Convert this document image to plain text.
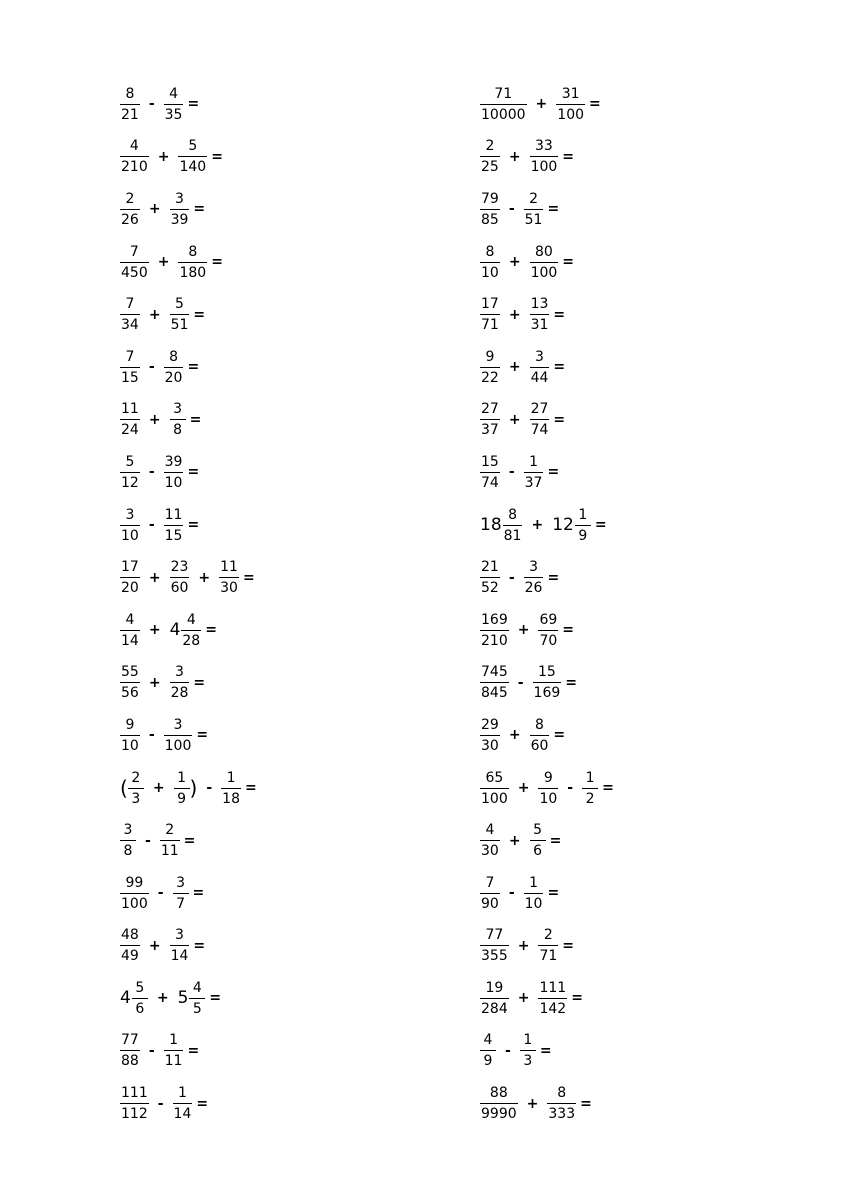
$\frac{8}{21} - \frac{4}{35}$ =
$\frac{4}{210} + \frac{5}{140}$ =
$\frac{2}{26} + \frac{3}{39}$ =
$\frac{7}{450} + \frac{8}{180}$ =
$\frac{7}{34} + \frac{5}{51}$ =
$\frac{7}{15} - \frac{8}{20}$ =
$\frac{11}{24} + \frac{3}{8}$ =
$\frac{5}{12} - \frac{39}{10}$ =
$\frac{3}{10} - \frac{11}{15}$ =
$\frac{17}{20} + \frac{23}{60} + \frac{11}{30}$ =
$\frac{4}{14} + 4 \frac{4}{28}$ =
$\frac{55}{56} + \frac{3}{28}$ =
$\frac{9}{10} - \frac{3}{100}$ =
( $\frac{2}{3} + \frac{1}{9}$ ) - $\frac{1}{18}$ =
$\frac{3}{8} - \frac{2}{11}$ =
$\frac{99}{100} - \frac{3}{7}$ =
$\frac{48}{49} + \frac{3}{14}$ =
$4 \frac{5}{6} + 5 \frac{4}{5}$ =
$\frac{77}{88} - \frac{1}{11}$ =
$\frac{111}{112} - \frac{1}{14}$ =
$\frac{71}{10000} + \frac{31}{100}$ =
$\frac{2}{25} + \frac{33}{100}$ =
$\frac{79}{85} - \frac{2}{51}$ =
$\frac{8}{10} + \frac{80}{100}$ =
$\frac{17}{71} + \frac{13}{31}$ =
$\frac{9}{22} + \frac{3}{44}$ =
$\frac{27}{37} + \frac{27}{74}$ =
$\frac{15}{74} - \frac{1}{37}$ =
$18 \frac{8}{81} + 12 \frac{1}{9}$ =
$\frac{21}{52} - \frac{3}{26}$ =
$\frac{169}{210} + \frac{69}{70}$ =
$\frac{745}{845} - \frac{15}{169}$ =
$\frac{29}{30} + \frac{8}{60}$ =
$\frac{65}{100} + \frac{9}{10} - \frac{1}{2}$ =
$\frac{4}{30} + \frac{5}{6}$ =
$\frac{7}{90} - \frac{1}{10}$ =
$\frac{77}{355} + \frac{2}{71}$ =
$\frac{19}{284} + \frac{111}{142}$ =
$\frac{4}{9} - \frac{1}{3}$ =
$\frac{88}{9990} + \frac{8}{333}$ =
